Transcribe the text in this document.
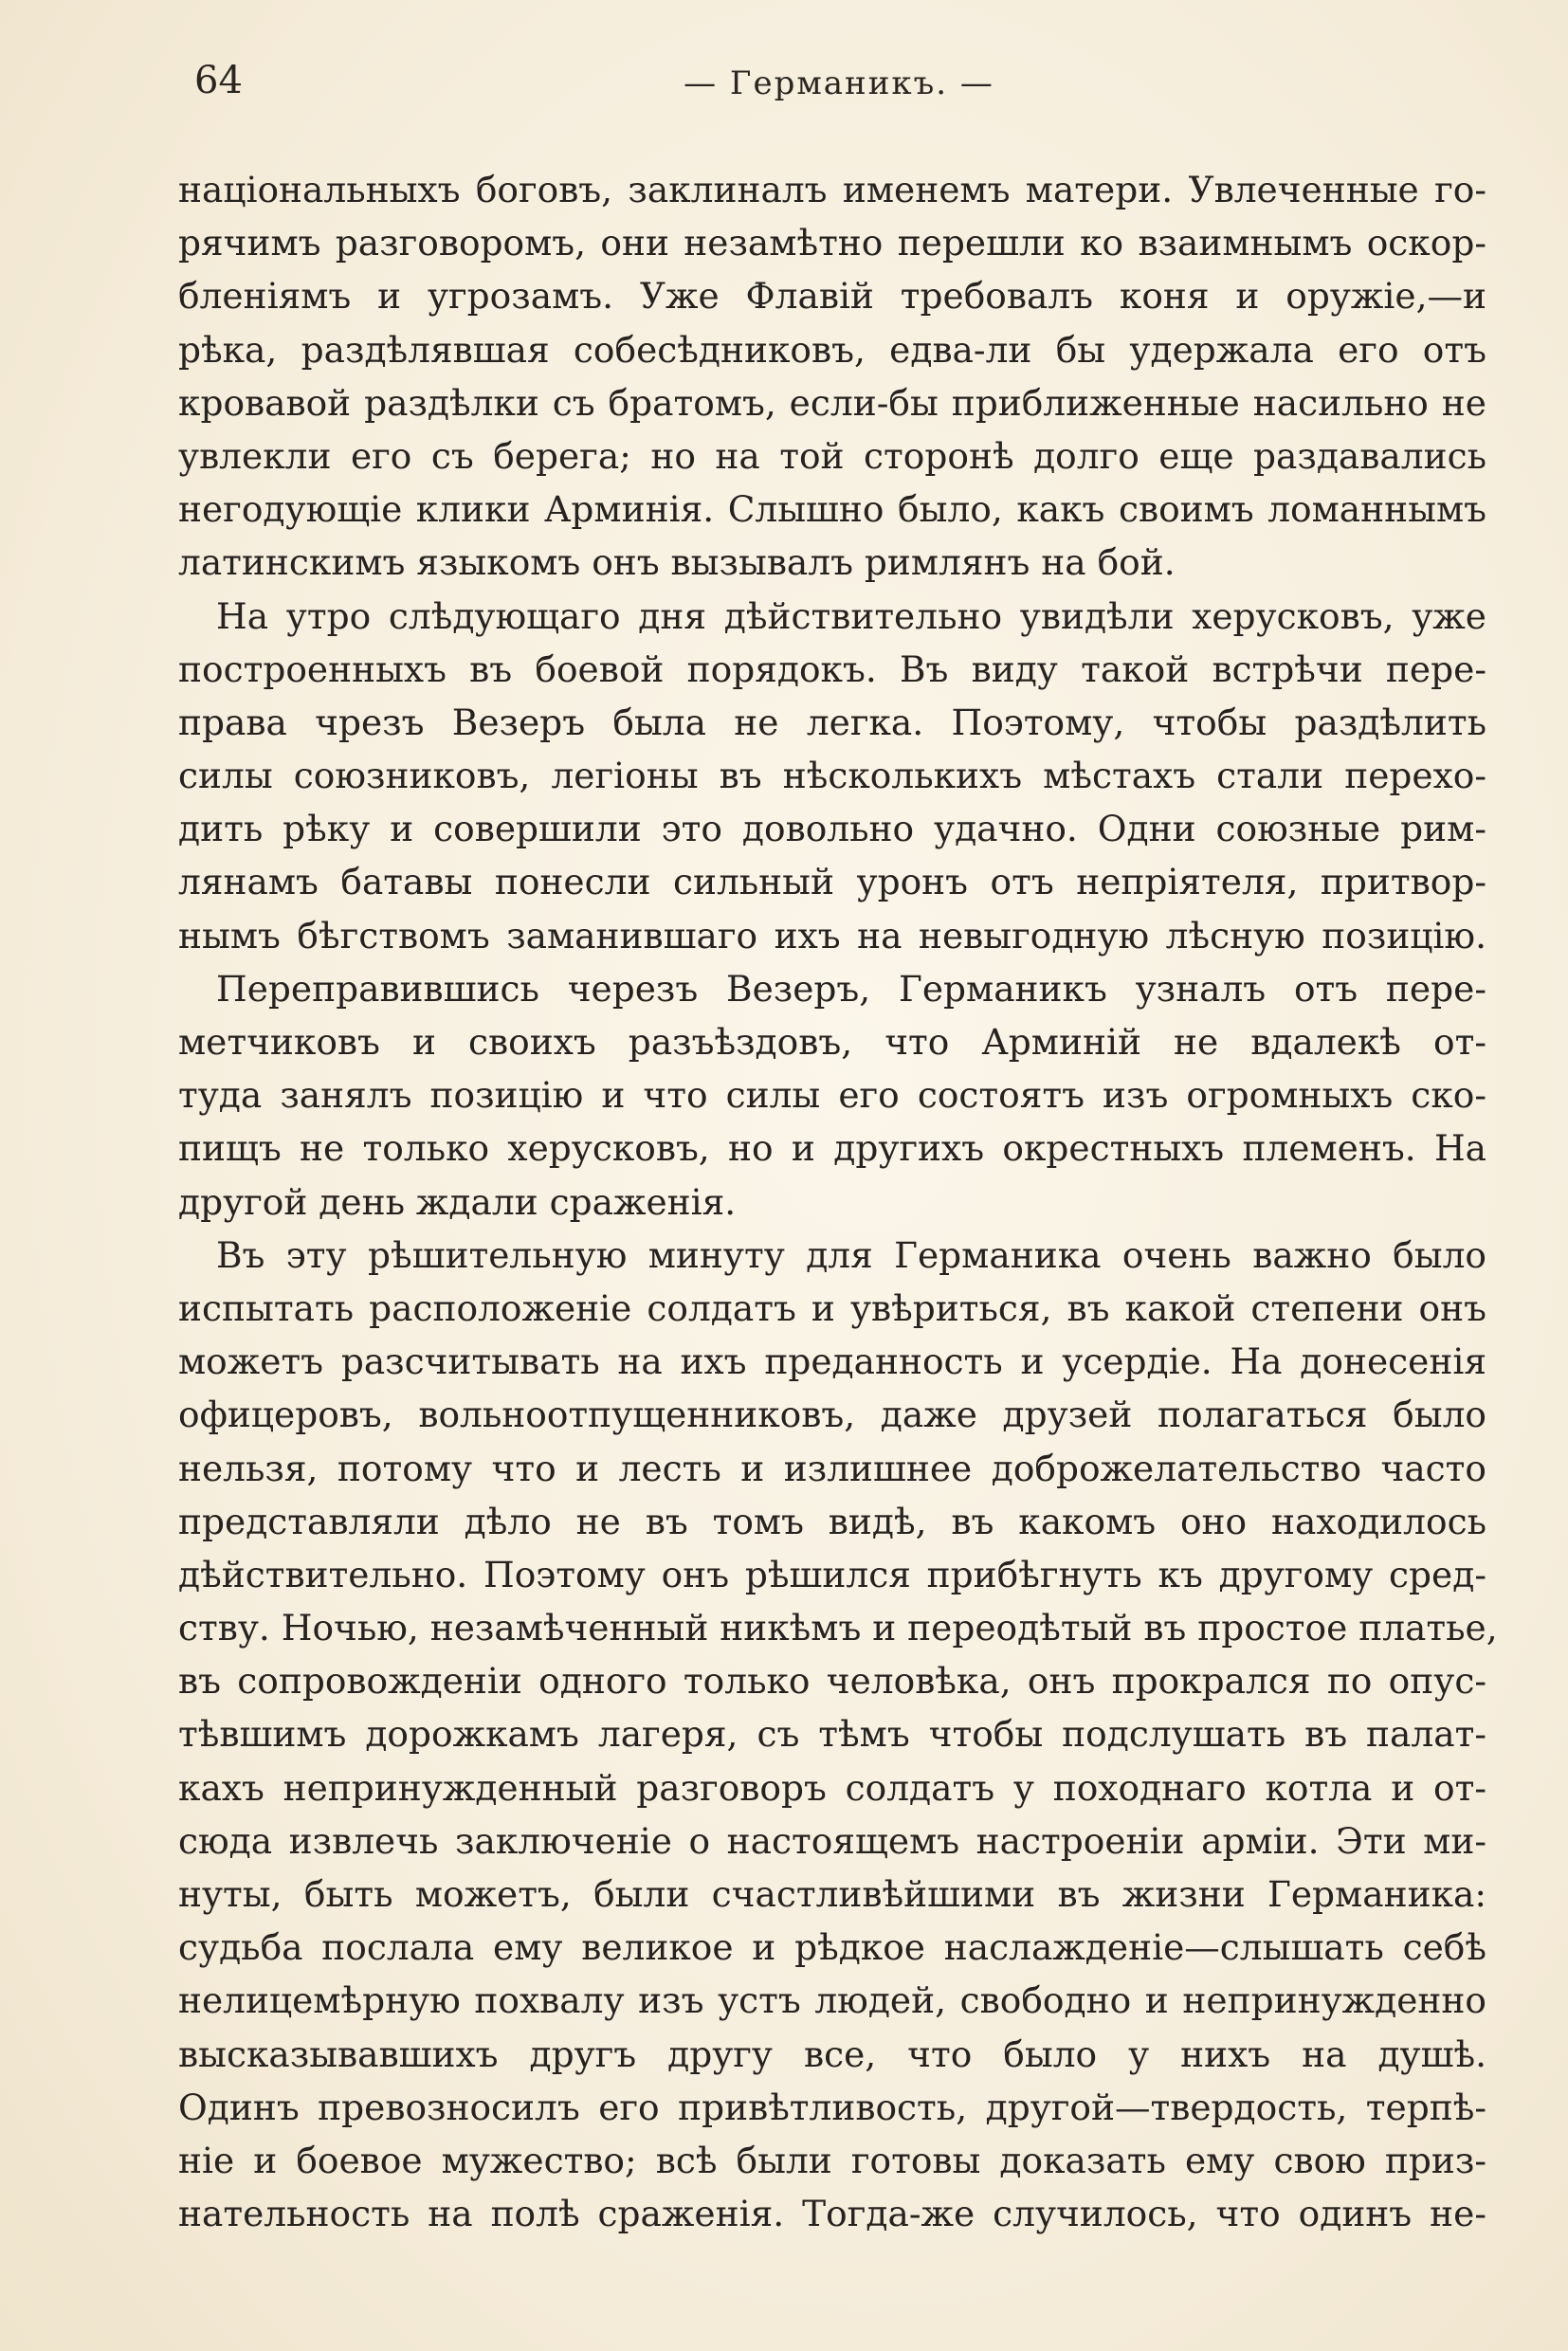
64	— Германикъ. —
національныхъ боговъ, заклиналъ именемъ матери. Увлеченные го-
рячимъ разговоромъ, они незамѣтно перешли ко взаимнымъ оскор-
бленіямъ и угрозамъ. Уже Флавій требовалъ коня и оружіе,—и
рѣка, раздѣлявшая собесѣдниковъ, едва-ли бы удержала его отъ
кровавой раздѣлки съ братомъ, если-бы приближенные насильно не
увлекли его съ берега; но на той сторонѣ долго еще раздавались
негодующіе клики Арминія. Слышно было, какъ своимъ ломаннымъ
латинскимъ языкомъ онъ вызывалъ римлянъ на бой.
На утро слѣдующаго дня дѣйствительно увидѣли херусковъ, уже
построенныхъ въ боевой порядокъ. Въ виду такой встрѣчи пере-
права чрезъ Везеръ была не легка. Поэтому, чтобы раздѣлить
силы союзниковъ, легіоны въ нѣсколькихъ мѣстахъ стали перехо-
дить рѣку и совершили это довольно удачно. Одни союзные рим-
лянамъ батавы понесли сильный уронъ отъ непріятеля, притвор-
нымъ бѣгствомъ заманившаго ихъ на невыгодную лѣсную позицію.
Переправившись черезъ Везеръ, Германикъ узналъ отъ пере-
метчиковъ и своихъ разъѣздовъ, что Арминій не вдалекѣ от-
туда занялъ позицію и что силы его состоятъ изъ огромныхъ ско-
пищъ не только херусковъ, но и другихъ окрестныхъ племенъ. На
другой день ждали сраженія.
Въ эту рѣшительную минуту для Германика очень важно было
испытать расположеніе солдатъ и увѣриться, въ какой степени онъ
можетъ разсчитывать на ихъ преданность и усердіе. На донесенія
офицеровъ, вольноотпущенниковъ, даже друзей полагаться было
нельзя, потому что и лесть и излишнее доброжелательство часто
представляли дѣло не въ томъ видѣ, въ какомъ оно находилось
дѣйствительно. Поэтому онъ рѣшился прибѣгнуть къ другому сред-
ству. Ночью, незамѣченный никѣмъ и переодѣтый въ простое платье,
въ сопровожденіи одного только человѣка, онъ прокрался по опус-
тѣвшимъ дорожкамъ лагеря, съ тѣмъ чтобы подслушать въ палат-
кахъ непринужденный разговоръ солдатъ у походнаго котла и от-
сюда извлечь заключеніе о настоящемъ настроеніи арміи. Эти ми-
нуты, быть можетъ, были счастливѣйшими въ жизни Германика:
судьба послала ему великое и рѣдкое наслажденіе—слышать себѣ
нелицемѣрную похвалу изъ устъ людей, свободно и непринужденно
высказывавшихъ другъ другу все, что было у нихъ на душѣ.
Одинъ превозносилъ его привѣтливость, другой—твердость, терпѣ-
ніе и боевое мужество; всѣ были готовы доказать ему свою приз-
нательность на полѣ сраженія. Тогда-же случилось, что одинъ не-
